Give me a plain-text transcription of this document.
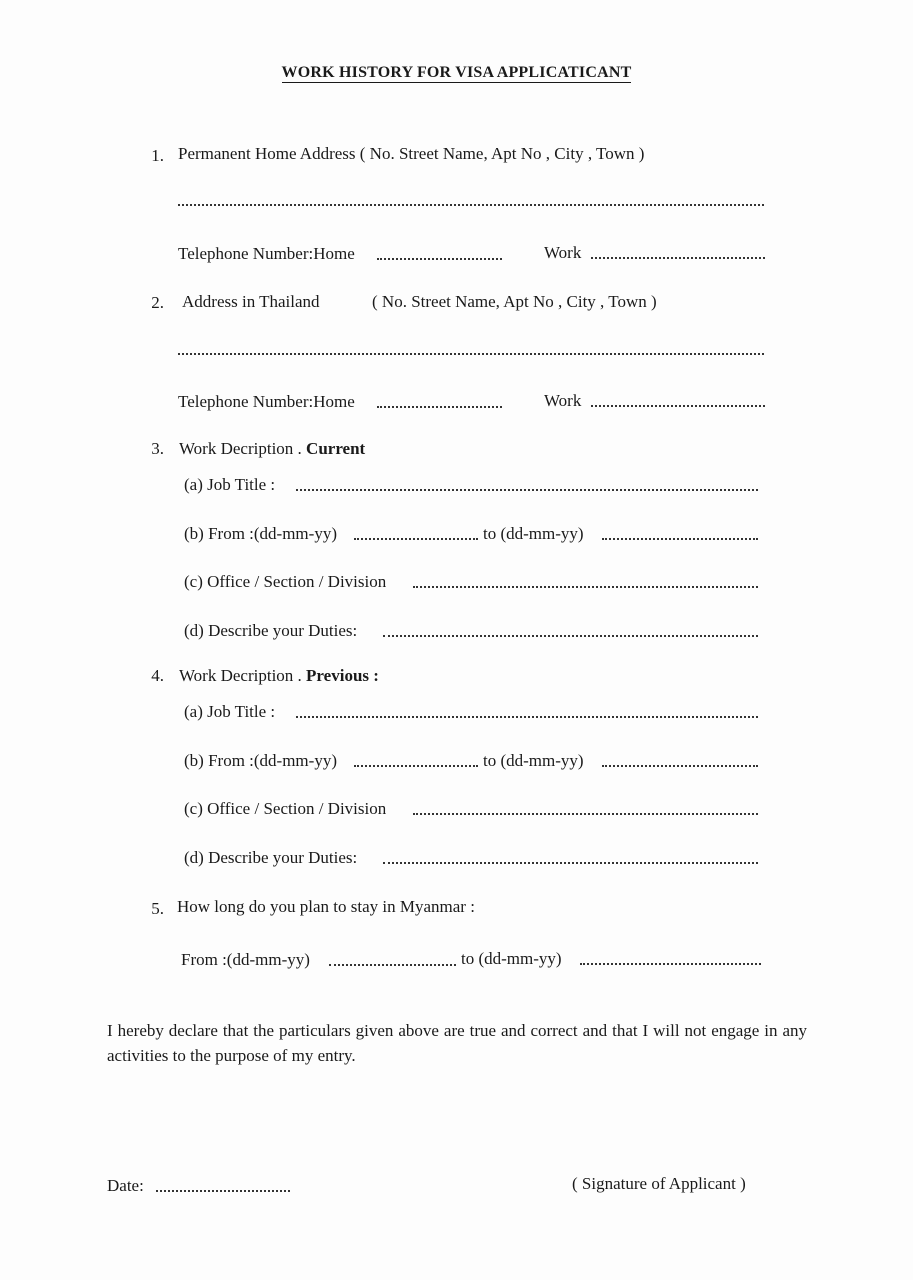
WORK HISTORY FOR VISA APPLICATICANT
1. Permanent Home Address ( No. Street Name, Apt No , City , Town )
Telephone Number:Home	Work
2. Address in Thailand	( No. Street Name, Apt No , City , Town )
Telephone Number:Home	Work
3. Work Decription . Current
(a) Job Title :
(b) From :(dd-mm-yy)	to (dd-mm-yy)
(c) Office / Section / Division
(d) Describe your Duties:
4. Work Decription . Previous :
(a) Job Title :
(b) From :(dd-mm-yy)	to (dd-mm-yy)
(c) Office / Section / Division
(d) Describe your Duties:
5. How long do you plan to stay in Myanmar :
From :(dd-mm-yy)	to (dd-mm-yy)
I hereby declare that the particulars given above are true and correct and that I will not engage in any activities to the purpose of my entry.
Date:	( Signature of Applicant )
